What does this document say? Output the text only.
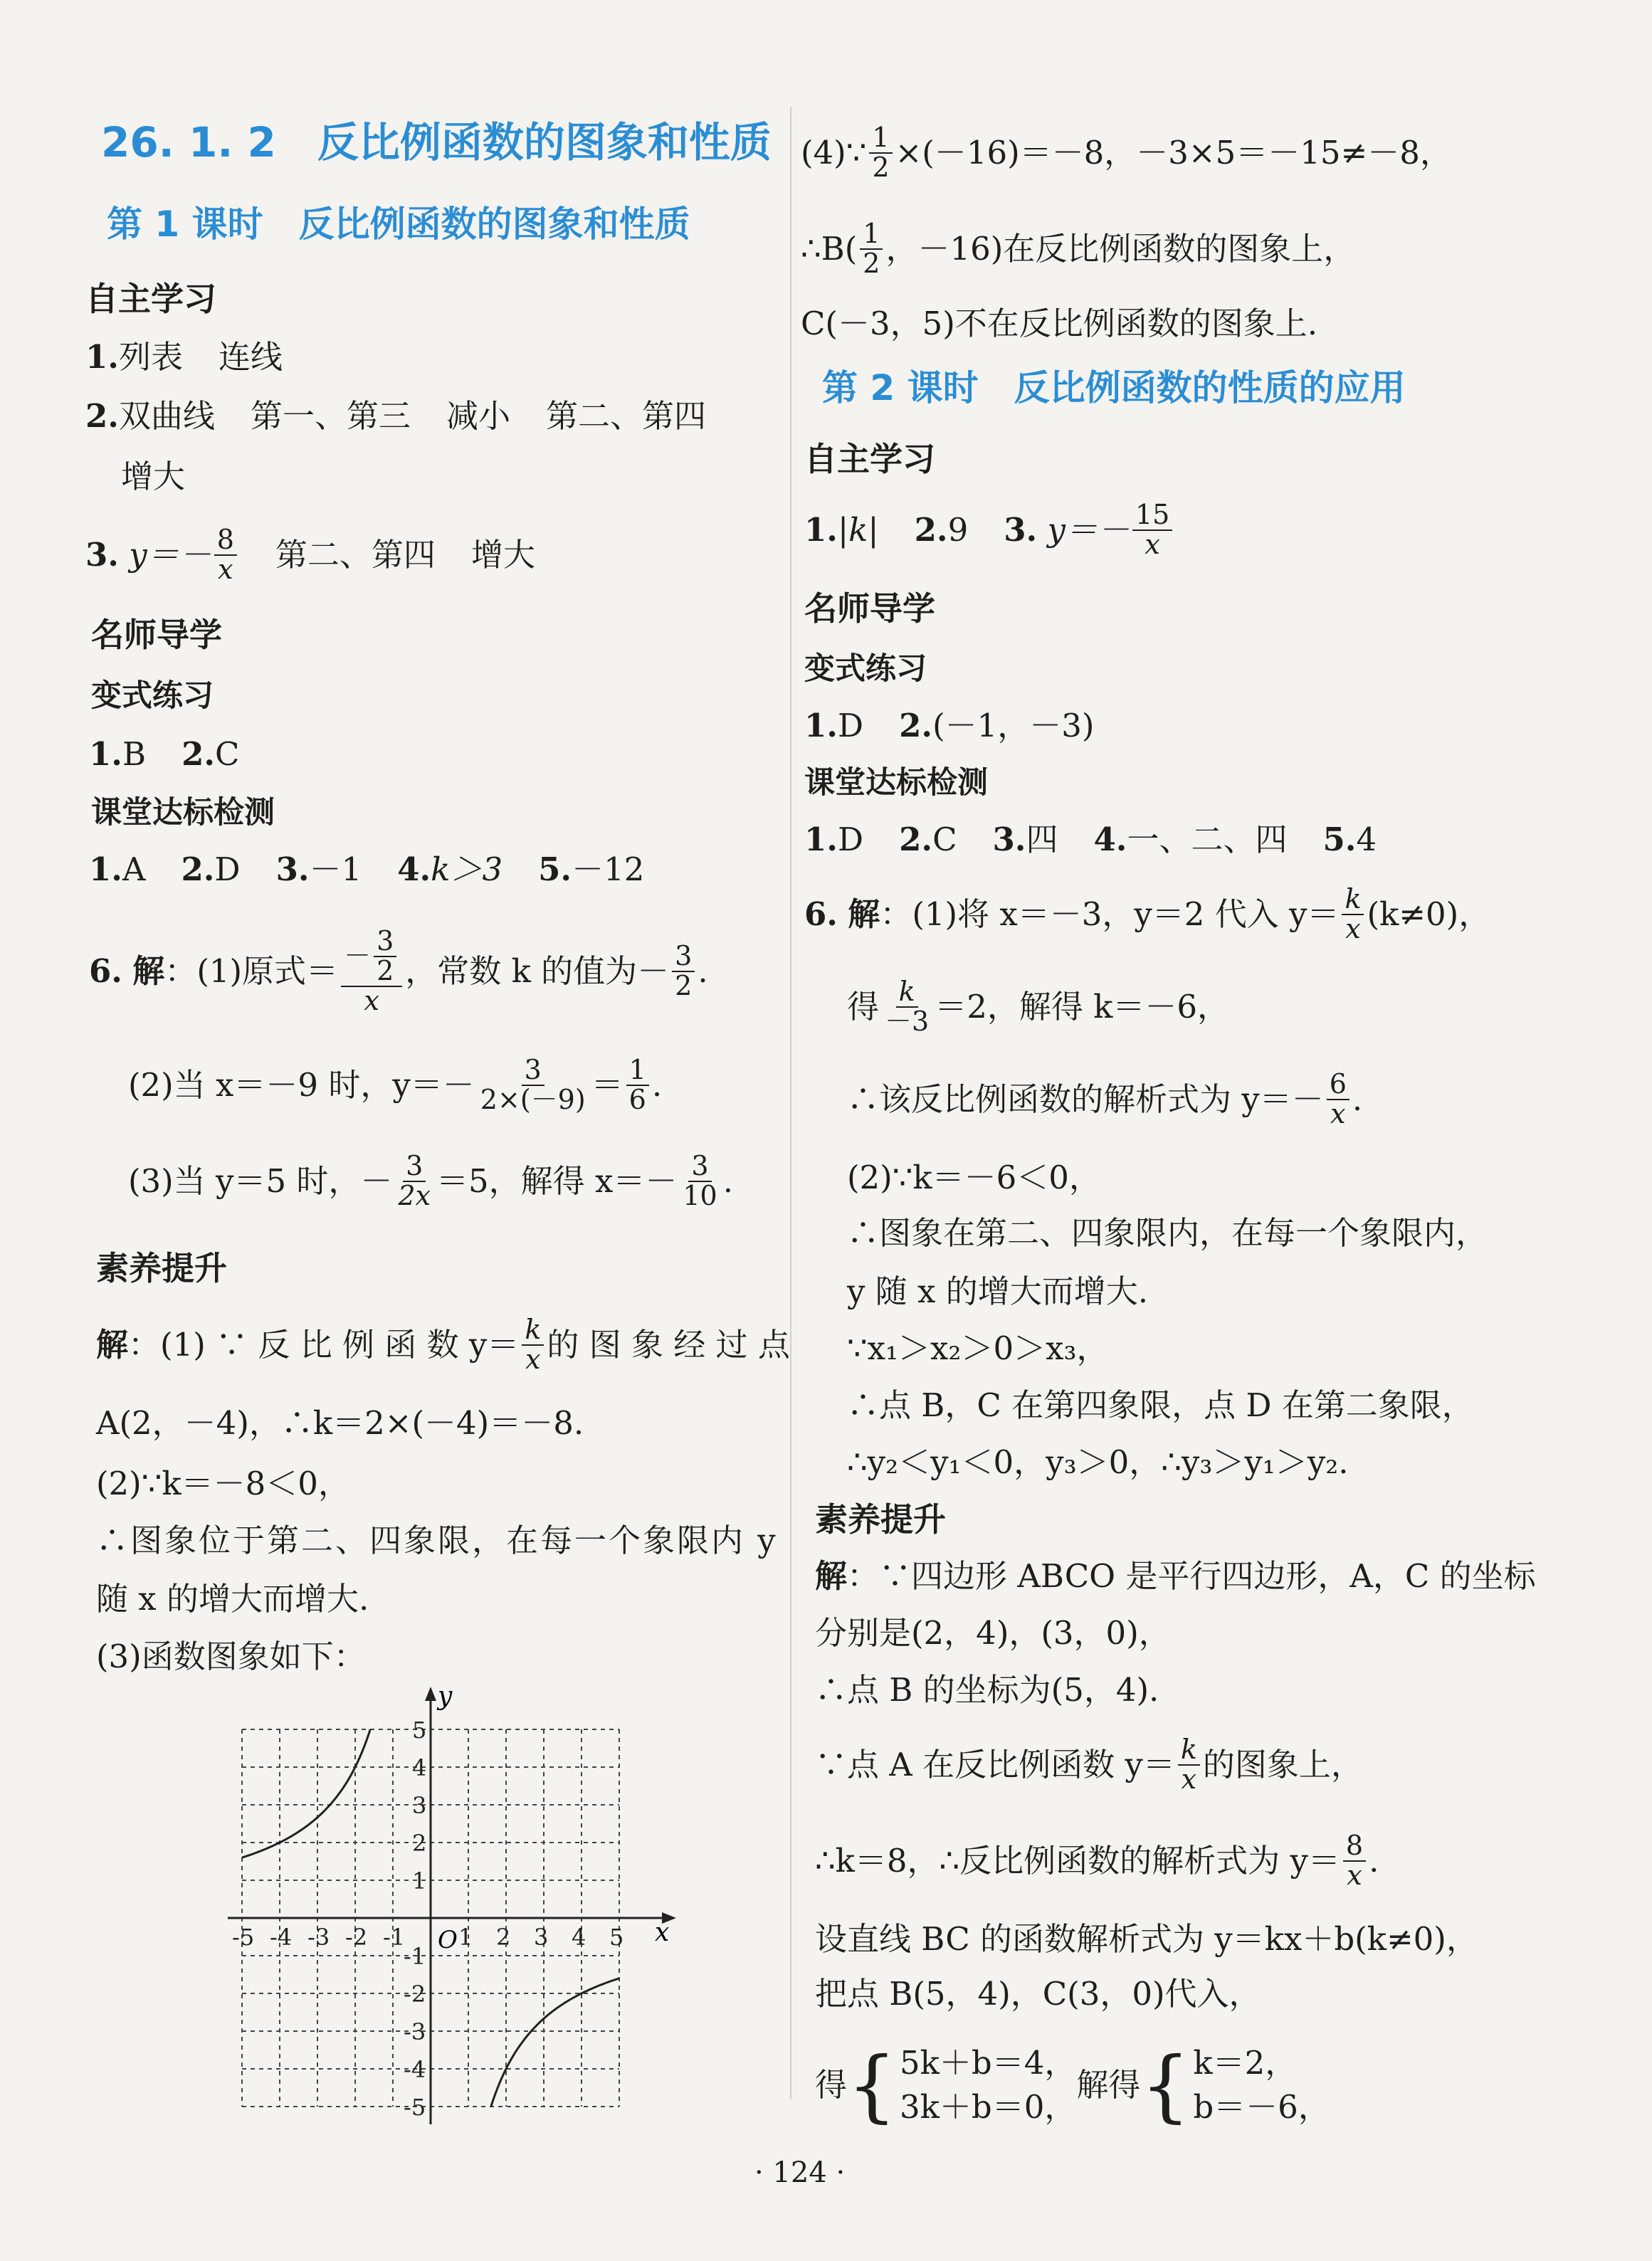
26. 1. 2　反比例函数的图象和性质
第 1 课时　反比例函数的图象和性质
自主学习
1.列表 连线
2.双曲线 第一、第三 减小 第二、第四
增大
3.
$y=- \frac{8}{x}$ 第二、第四 增大
名师导学
变式练习
1.B 2.C
课堂达标检测
1.A 2.D 3.－1 4.k＞3 5.－12
6.
解 ：(1)原式＝ $\frac{- \frac{3}{2}}{x}$ ，常数 k 的值为－ $\frac{3}{2}$ .
(2)当 x＝－9 时，$y=- \frac{3}{2\times(-9)} = \frac{1}{6}$ .
(3)当 y＝5 时，－ $\frac{3}{2x} =5$，解得 $x=- \frac{3}{10}$ .
素养提升
解 ：(1) ∵ 反 比 例 函 数 $y= \frac{k}{x}$ 的 图 象 经 过 点
A(2，－4)，∴k＝2×(－4)＝－8.
(2)∵k＝－8＜0，
∴图象位于第二、四象限，在每一个象限内 y
随 x 的增大而增大.
(3)函数图象如下：
x
y
O
-5 -4 -3 -2 -1 1 2 3 4 5
5
4
3
2
1
-1
-2
-3
-4
-5
(4)∵ $\frac{1}{2} \times(-16)=-8$，－3×5＝－15≠－8，
∴B( $\frac{1}{2}$ ，－16)在反比例函数的图象上，
C(－3，5)不在反比例函数的图象上.
第 2 课时　反比例函数的性质的应用
自主学习
1. |k| 2. 9 3.
$y=- \frac{15}{x}$
名师导学
变式练习
1.D 2.(－1，－3)
课堂达标检测
1.D 2.C 3.四 4.一、二、四 5.4
6.
解 ：(1)将 x＝－3，y＝2 代入 $y= \frac{k}{x} (k\ne 0)$，
得 $\frac{k}{-3} =2$，解得 k＝－6，
∴该反比例函数的解析式为 $y=- \frac{6}{x}$ .
(2)∵k＝－6＜0，
∴图象在第二、四象限内，在每一个象限内，
y 随 x 的增大而增大.
∵x₁＞x₂＞0＞x₃，
∴点 B，C 在第四象限，点 D 在第二象限，
∴y₂＜y₁＜0，y₃＞0，∴y₃＞y₁＞y₂.
素养提升
解：∵四边形 ABCO 是平行四边形，A，C 的坐标
分别是(2，4)，(3，0)，
∴点 B 的坐标为(5，4).
∵点 A 在反比例函数 $y= \frac{k}{x}$ 的图象上，
∴k＝8，∴反比例函数的解析式为 $y= \frac{8}{x}$ .
设直线 BC 的函数解析式为 y＝kx＋b(k≠0)，
把点 B(5，4)，C(3，0)代入，
得 { 5k＋b＝4，
3k＋b＝0，
解得 { k＝2，
b＝－6，
· 124 ·
